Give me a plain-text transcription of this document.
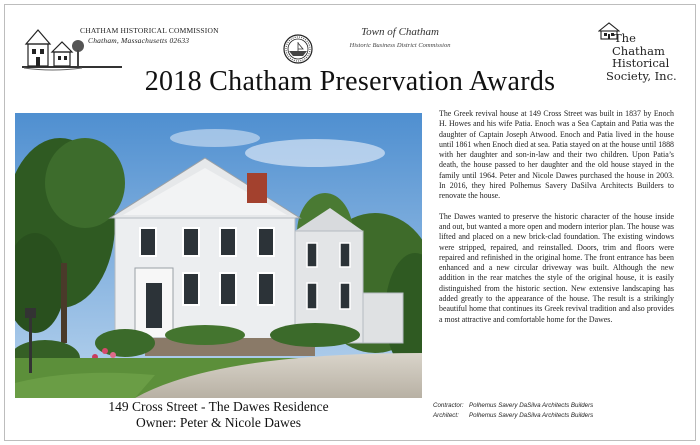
CHATHAM HISTORICAL COMMISSION
Chatham, Massachusetts 02633
Town of Chatham
Historic Business District Commission
The
Chatham
Historical
Society, Inc.
2018 Chatham Preservation Awards
149 Cross Street - The Dawes Residence
Owner: Peter & Nicole Dawes

The Greek revival house at 149 Cross Street was built in 1837 by Enoch H. Howes and his wife Patia. Enoch was a Sea Captain and Patia was the daughter of Captain Joseph Atwood. Enoch and Patia lived in the house until 1861 when Enoch died at sea. Patia stayed on at the house until 1888 with her daughter and son-in-law and their two children. Upon Patia’s death, the house passed to her daughter and the old house stayed in the family until 1964. Peter and Nicole Dawes purchased the house in 2003. In 2016, they hired Polhemus Savery DaSilva Architects Builders to renovate the house.

The Dawes wanted to preserve the historic character of the house inside and out, but wanted a more open and modern interior plan. The house was lifted and placed on a new brick-clad foundation. The existing windows were stripped, repaired, and reinstalled. Doors, trim and floors were repaired and refinished in the original home. The front entrance has been enhanced and a new circular driveway was built. Although the new addition in the rear matches the style of the original house, it is easily distinguished from the historic section. New extensive landscaping has added greatly to the appearance of the house. The result is a strikingly beautiful home that continues its Greek revival tradition and also provides a most attractive and comfortable home for the Dawes.

Contractor: Polhemus Savery DaSilva Architects Builders
Architect:	Polhemus Savery DaSilva Architects Builders
